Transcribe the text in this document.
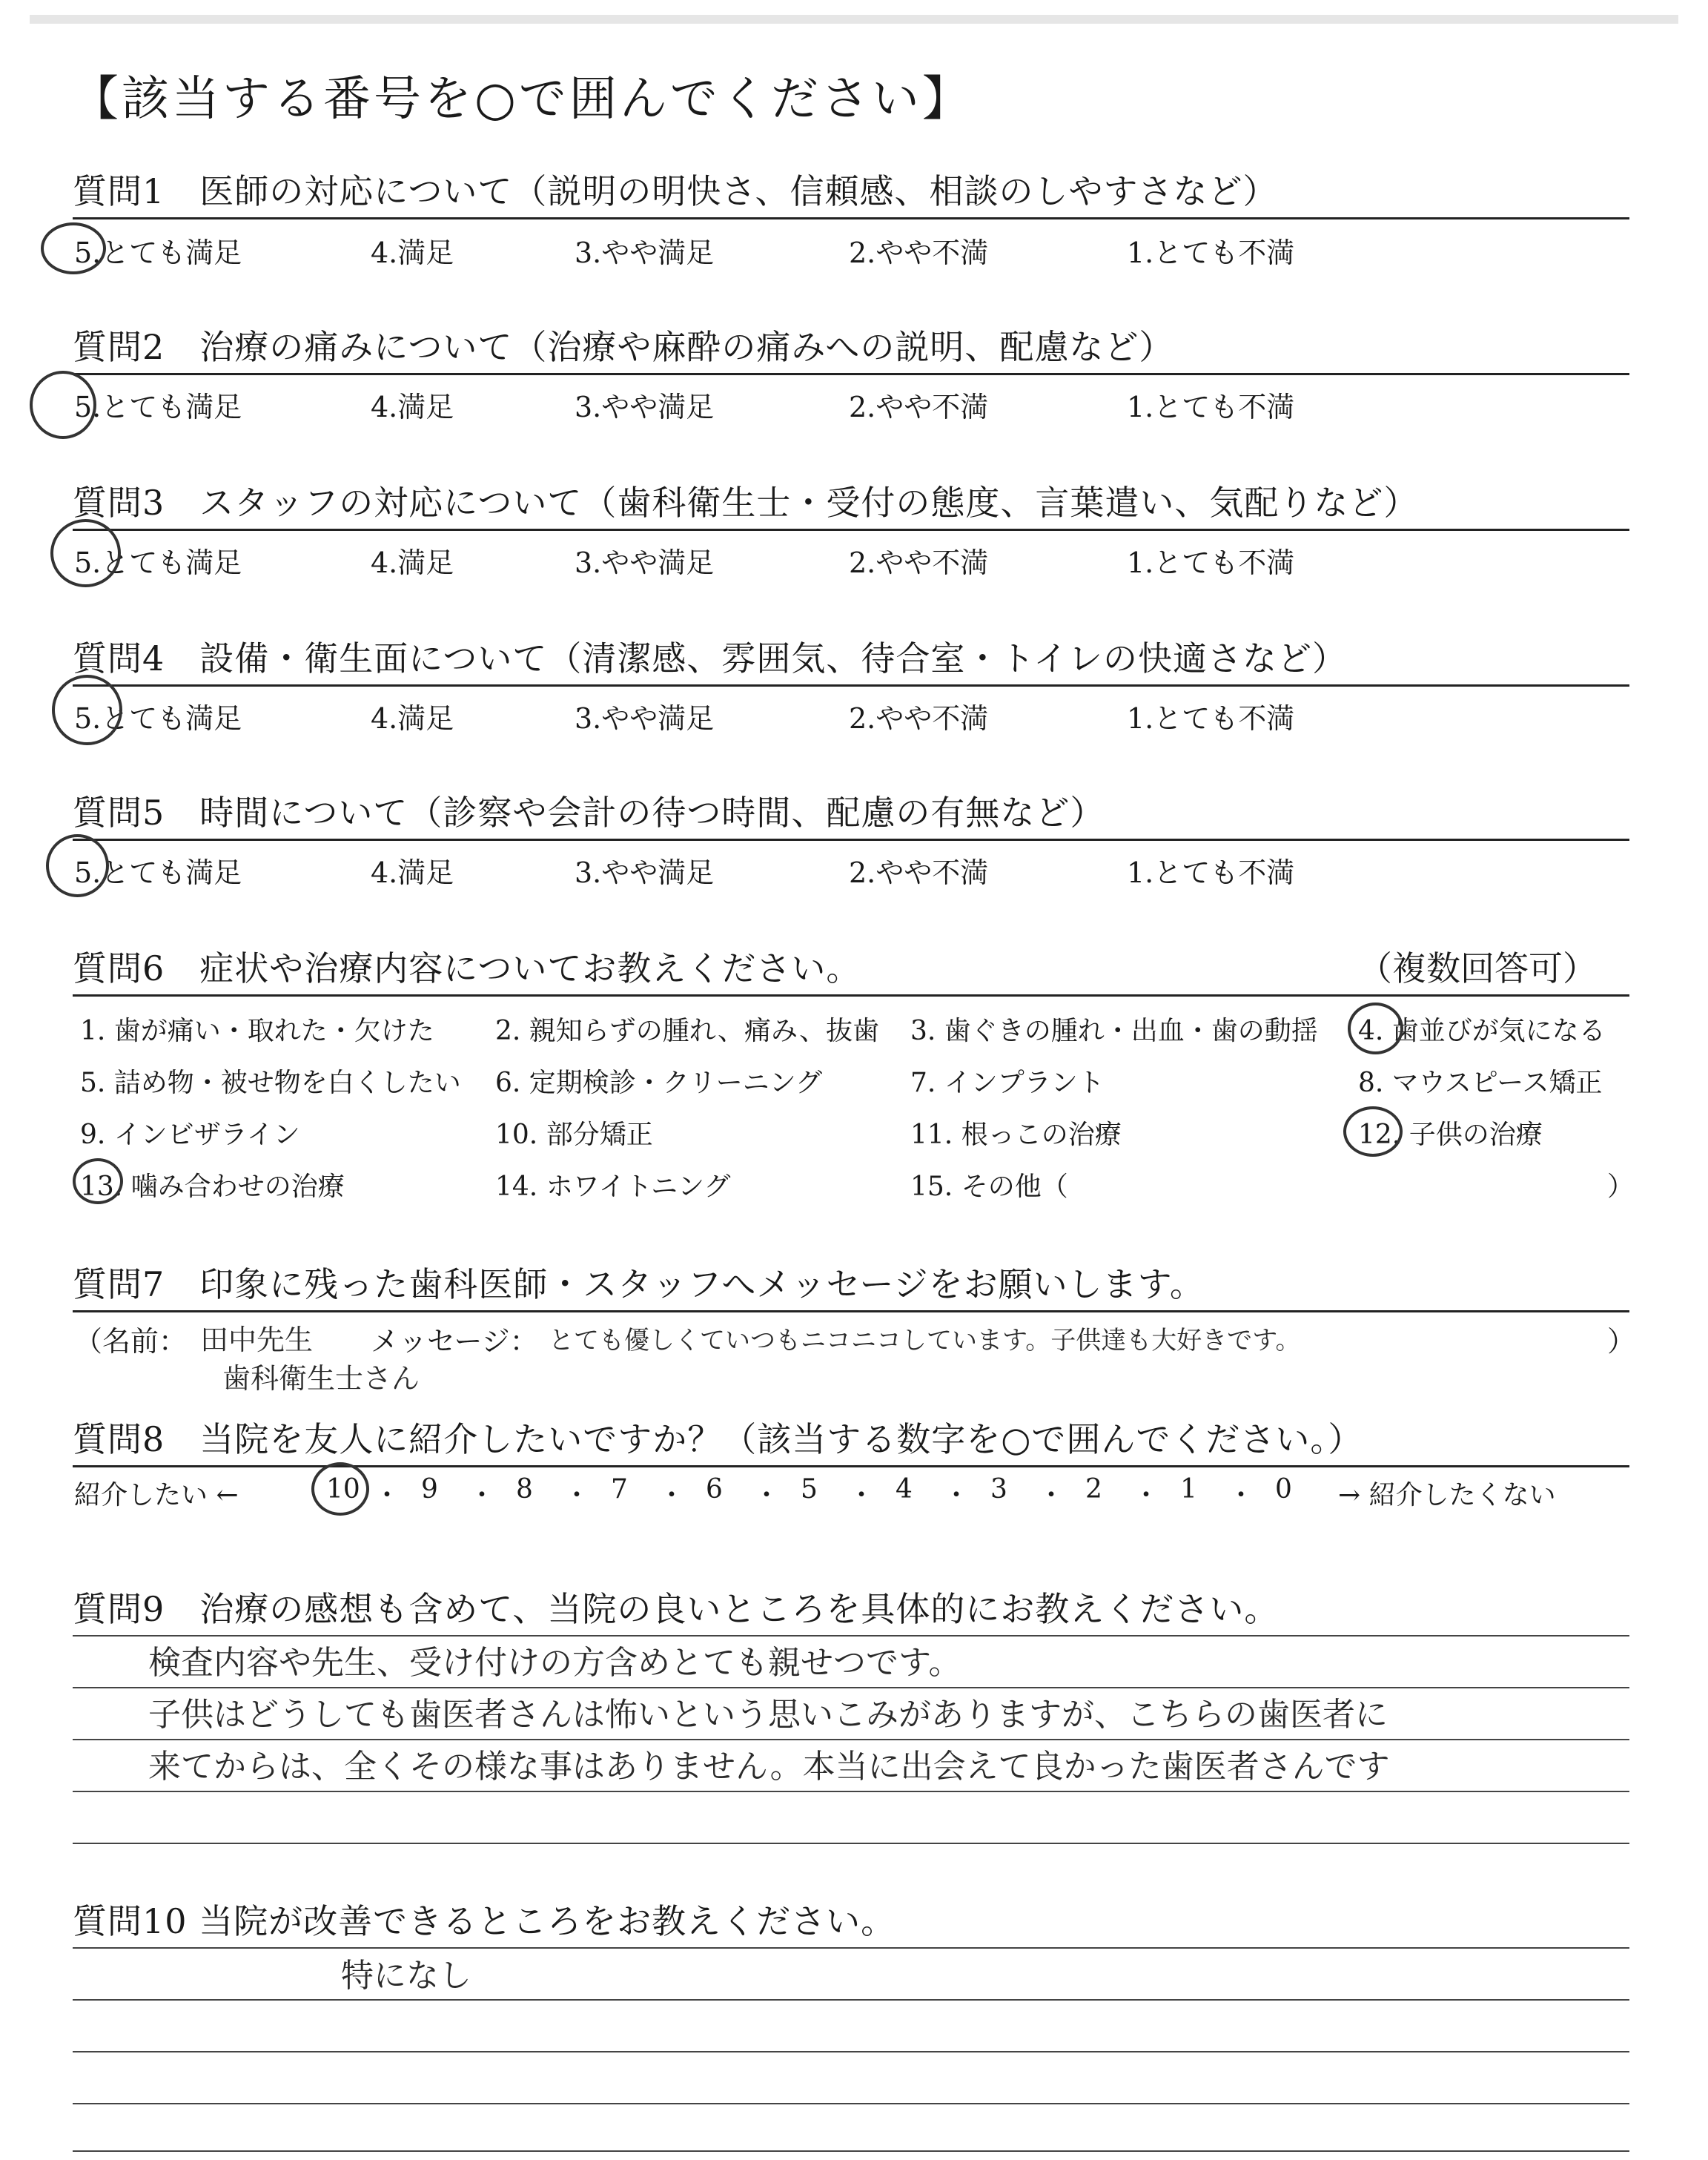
【該当する番号を○で囲んでください】
質問1　医師の対応について（説明の明快さ、信頼感、相談のしやすさなど）
5.とても満足	4.満足	3.やや満足	2.やや不満	1.とても不満
質問2　治療の痛みについて（治療や麻酔の痛みへの説明、配慮など）
5.とても満足	4.満足	3.やや満足	2.やや不満	1.とても不満
質問3　スタッフの対応について（歯科衛生士・受付の態度、言葉遣い、気配りなど）
5.とても満足	4.満足	3.やや満足	2.やや不満	1.とても不満
質問4　設備・衛生面について（清潔感、雰囲気、待合室・トイレの快適さなど）
5.とても満足	4.満足	3.やや満足	2.やや不満	1.とても不満
質問5　時間について（診察や会計の待つ時間、配慮の有無など）
5.とても満足	4.満足	3.やや満足	2.やや不満	1.とても不満
質問6　症状や治療内容についてお教えください。	（複数回答可）
1. 歯が痛い・取れた・欠けた 2. 親知らずの腫れ、痛み、抜歯 3. 歯ぐきの腫れ・出血・歯の動揺 4. 歯並びが気になる
5. 詰め物・被せ物を白くしたい 6. 定期検診・クリーニング	7. インプラント	8. マウスピース矯正
9. インビザライン	10. 部分矯正	11. 根っこの治療	12. 子供の治療
13. 噛み合わせの治療	14. ホワイトニング	15. その他（	）
質問7　印象に残った歯科医師・スタッフへメッセージをお願いします。
（名前： 田中先生 メッセージ： とても優しくていつもニコニコしています。子供達も大好きです。	）
歯科衛生士さん
質問8　当院を友人に紹介したいですか？（該当する数字を○で囲んでください。）
紹介したい ←	10 ・ 9 ・ 8 ・ 7 ・ 6 ・ 5 ・ 4 ・ 3 ・ 2 ・ 1 ・ 0 → 紹介したくない
質問9　治療の感想も含めて、当院の良いところを具体的にお教えください。
検査内容や先生、受け付けの方含めとても親せつです。
子供はどうしても歯医者さんは怖いという思いこみがありますが、こちらの歯医者に
来てからは、全くその様な事はありません。本当に出会えて良かった歯医者さんです
質問10 当院が改善できるところをお教えください。
特になし
